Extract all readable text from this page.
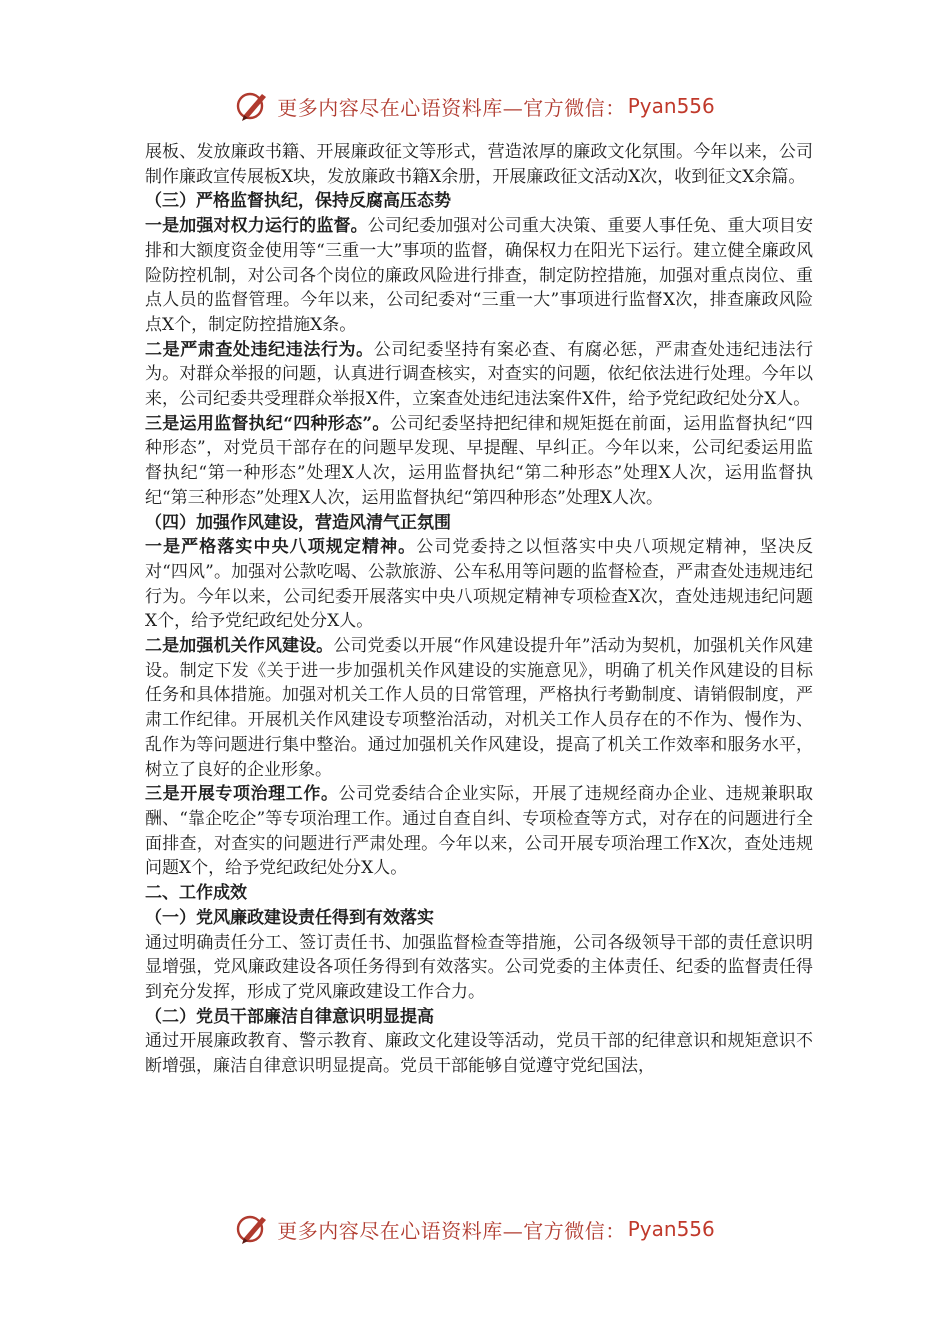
更多内容尽在心语资料库—官方微信： Pyan556

展板、发放廉政书籍、开展廉政征文等形式，营造浓厚的廉政文化氛围。今年以来，公司制作廉政宣传展板X块，发放廉政书籍X余册，开展廉政征文活动X次，收到征文X余篇。

（三）严格监督执纪，保持反腐高压态势

一是加强对权力运行的监督。公司纪委加强对公司重大决策、重要人事任免、重大项目安排和大额度资金使用等“三重一大”事项的监督，确保权力在阳光下运行。建立健全廉政风险防控机制，对公司各个岗位的廉政风险进行排查，制定防控措施，加强对重点岗位、重点人员的监督管理。今年以来，公司纪委对“三重一大”事项进行监督X次，排查廉政风险点X个，制定防控措施X条。

二是严肃查处违纪违法行为。公司纪委坚持有案必查、有腐必惩，严肃查处违纪违法行为。对群众举报的问题，认真进行调查核实，对查实的问题，依纪依法进行处理。今年以来，公司纪委共受理群众举报X件，立案查处违纪违法案件X件，给予党纪政纪处分X人。

三是运用监督执纪“四种形态”。公司纪委坚持把纪律和规矩挺在前面，运用监督执纪“四种形态”，对党员干部存在的问题早发现、早提醒、早纠正。今年以来，公司纪委运用监督执纪“第一种形态”处理X人次，运用监督执纪“第二种形态”处理X人次，运用监督执纪“第三种形态”处理X人次，运用监督执纪“第四种形态”处理X人次。

（四）加强作风建设，营造风清气正氛围

一是严格落实中央八项规定精神。公司党委持之以恒落实中央八项规定精神，坚决反对“四风”。加强对公款吃喝、公款旅游、公车私用等问题的监督检查，严肃查处违规违纪行为。今年以来，公司纪委开展落实中央八项规定精神专项检查X次，查处违规违纪问题X个，给予党纪政纪处分X人。

二是加强机关作风建设。公司党委以开展“作风建设提升年”活动为契机，加强机关作风建设。制定下发《关于进一步加强机关作风建设的实施意见》，明确了机关作风建设的目标任务和具体措施。加强对机关工作人员的日常管理，严格执行考勤制度、请销假制度，严肃工作纪律。开展机关作风建设专项整治活动，对机关工作人员存在的不作为、慢作为、乱作为等问题进行集中整治。通过加强机关作风建设，提高了机关工作效率和服务水平，树立了良好的企业形象。

三是开展专项治理工作。公司党委结合企业实际，开展了违规经商办企业、违规兼职取酬、“靠企吃企”等专项治理工作。通过自查自纠、专项检查等方式，对存在的问题进行全面排查，对查实的问题进行严肃处理。今年以来，公司开展专项治理工作X次，查处违规问题X个，给予党纪政纪处分X人。

二、工作成效
（一）党风廉政建设责任得到有效落实

通过明确责任分工、签订责任书、加强监督检查等措施，公司各级领导干部的责任意识明显增强，党风廉政建设各项任务得到有效落实。公司党委的主体责任、纪委的监督责任得到充分发挥，形成了党风廉政建设工作合力。

（二）党员干部廉洁自律意识明显提高

通过开展廉政教育、警示教育、廉政文化建设等活动，党员干部的纪律意识和规矩意识不断增强，廉洁自律意识明显提高。党员干部能够自觉遵守党纪国法，

更多内容尽在心语资料库—官方微信： Pyan556
